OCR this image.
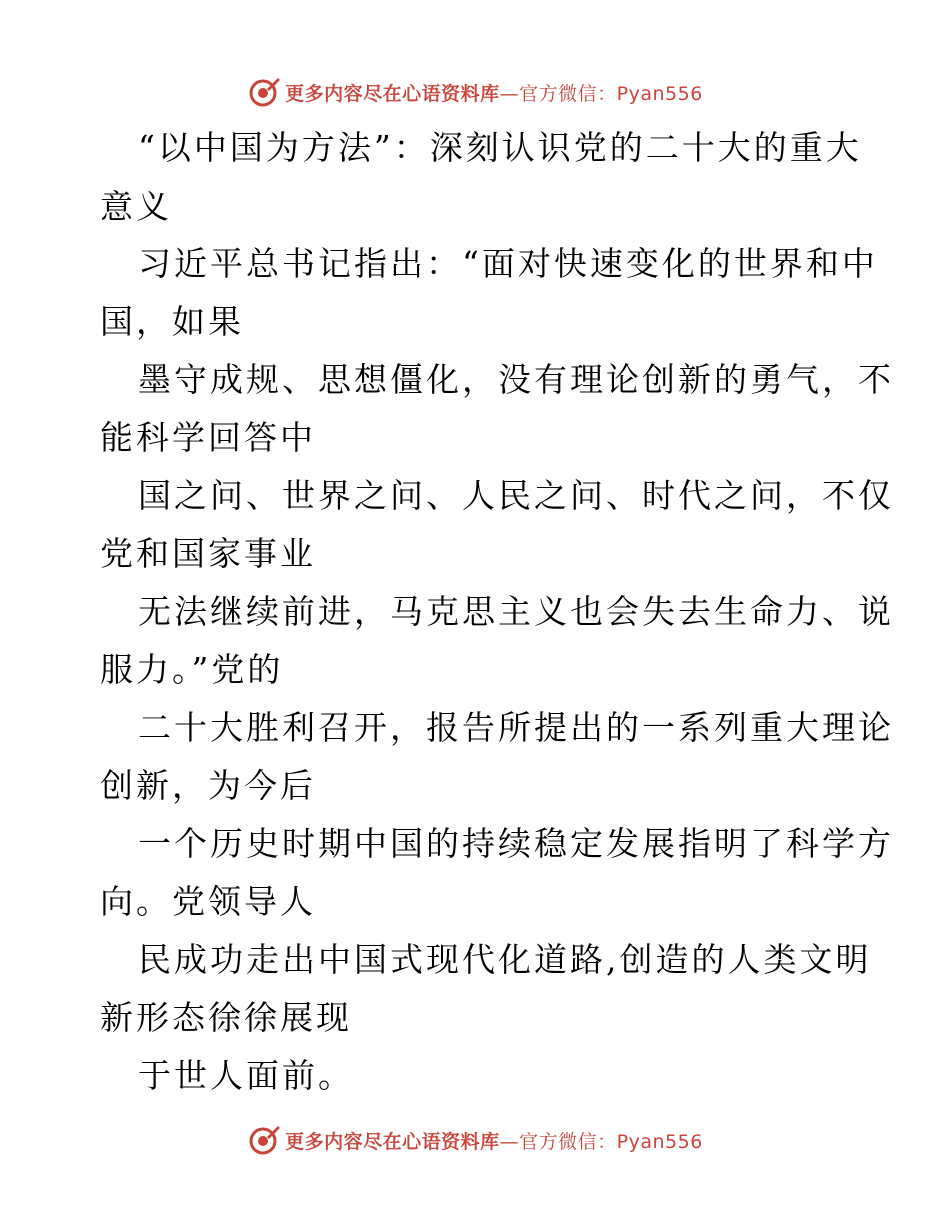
更多内容尽在心语资料库—官方微信：Pyan556
“以中国为方法”：深刻认识党的二十大的重大
意义
习近平总书记指出：“面对快速变化的世界和中
国，如果
墨守成规、思想僵化，没有理论创新的勇气，不
能科学回答中
国之问、世界之问、人民之问、时代之问，不仅
党和国家事业
无法继续前进，马克思主义也会失去生命力、说
服力。”党的
二十大胜利召开，报告所提出的一系列重大理论
创新，为今后
一个历史时期中国的持续稳定发展指明了科学方
向。党领导人
民成功走出中国式现代化道路,创造的人类文明
新形态徐徐展现
于世人面前。
更多内容尽在心语资料库—官方微信：Pyan556
